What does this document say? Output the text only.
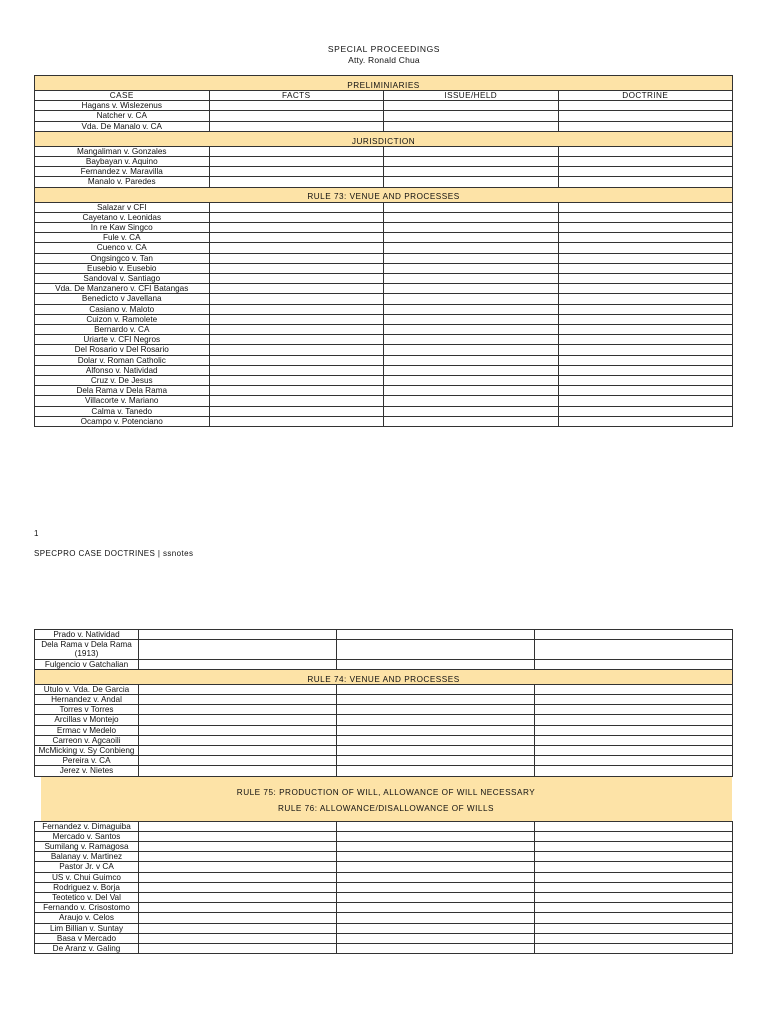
SPECIAL PROCEEDINGS
Atty. Ronald Chua
PRELIMINIARIES			
CASE	FACTS	ISSUE/HELD	DOCTRINE
Hagans v. Wislezenus			
Natcher v. CA			
Vda. De Manalo v. CA			
JURISDICTION			
Mangaliman v. Gonzales			
Baybayan v. Aquino			
Fernandez v. Maravilla			
Manalo v. Paredes			
RULE 73: VENUE AND PROCESSES			
Salazar v CFI			
Cayetano v. Leonidas			
In re Kaw Singco			
Fule v. CA			
Cuenco v. CA			
Ongsingco v. Tan			
Eusebio v. Eusebio			
Sandoval v. Santiago			
Vda. De Manzanero v. CFI Batangas			
Benedicto v Javellana			
Casiano v. Maloto			
Cuizon v. Ramolete			
Bernardo v. CA			
Uriarte v. CFI Negros			
Del Rosario v Del Rosario			
Dolar v. Roman Catholic			
Alfonso v. Natividad			
Cruz v. De Jesus			
Dela Rama v Dela Rama			
Villacorte v. Mariano			
Calma v. Tanedo			
Ocampo v. Potenciano			
1
SPECPRO CASE DOCTRINES | ssnotes
Prado v. Natividad			
Dela Rama v Dela Rama (1913)			
Fulgencio v Gatchalian			
RULE 74: VENUE AND PROCESSES			
Utulo v. Vda. De Garcia			
Hernandez v. Andal			
Torres v Torres			
Arcillas v Montejo			
Ermac v Medelo			
Carreon v. Agcaoili			
McMicking v. Sy Conbieng			
Pereira v. CA			
Jerez v. Nietes			

RULE 75: PRODUCTION OF WILL, ALLOWANCE OF WILL NECESSARY
RULE 76: ALLOWANCE/DISALLOWANCE OF WILLS			

Fernandez v. Dimaguiba			
Mercado v. Santos			
Sumilang v. Ramagosa			
Balanay v. Martinez			
Pastor Jr. v CA			
US v. Chui Guimco			
Rodriguez v. Borja			
Teotetico v. Del Val			
Fernando v. Crisostomo			
Araujo v. Celos			
Lim Billian v. Suntay			
Basa v Mercado			
De Aranz v. Galing			
